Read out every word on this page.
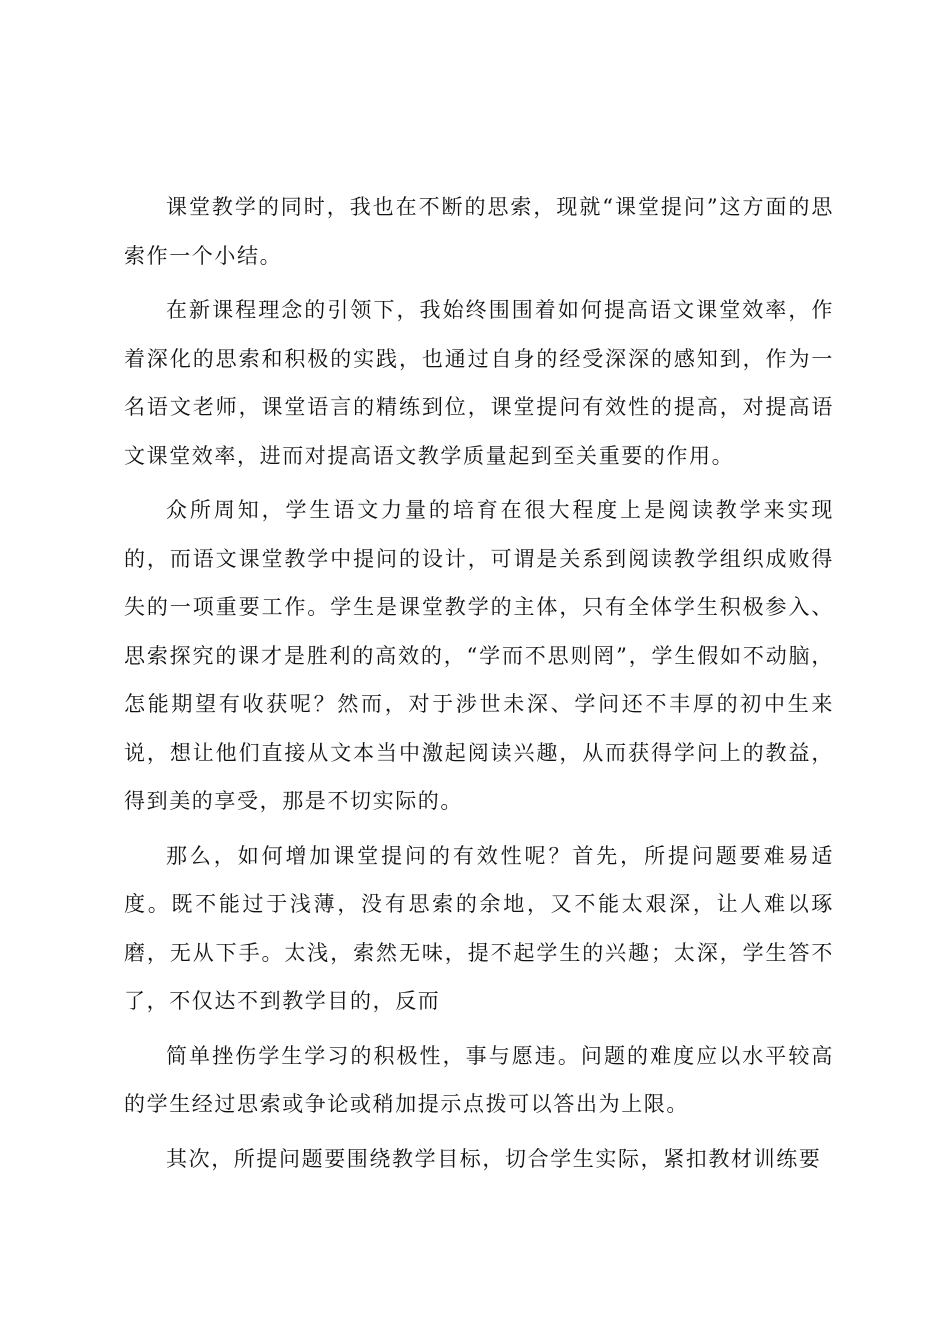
课堂教学的同时，我也在不断的思索，现就“课堂提问”这方面的思索作一个小结。

在新课程理念的引领下，我始终围围着如何提高语文课堂效率，作着深化的思索和积极的实践，也通过自身的经受深深的感知到，作为一名语文老师，课堂语言的精练到位，课堂提问有效性的提高，对提高语文课堂效率，进而对提高语文教学质量起到至关重要的作用。

众所周知，学生语文力量的培育在很大程度上是阅读教学来实现的，而语文课堂教学中提问的设计，可谓是关系到阅读教学组织成败得失的一项重要工作。学生是课堂教学的主体，只有全体学生积极参入、思索探究的课才是胜利的高效的，“学而不思则罔”，学生假如不动脑，怎能期望有收获呢？然而，对于涉世未深、学问还不丰厚的初中生来说，想让他们直接从文本当中激起阅读兴趣，从而获得学问上的教益，得到美的享受，那是不切实际的。

那么，如何增加课堂提问的有效性呢？首先，所提问题要难易适度。既不能过于浅薄，没有思索的余地，又不能太艰深，让人难以琢磨，无从下手。太浅，索然无味，提不起学生的兴趣；太深，学生答不了，不仅达不到教学目的，反而

简单挫伤学生学习的积极性，事与愿违。问题的难度应以水平较高的学生经过思索或争论或稍加提示点拨可以答出为上限。

其次，所提问题要围绕教学目标，切合学生实际，紧扣教材训练要
